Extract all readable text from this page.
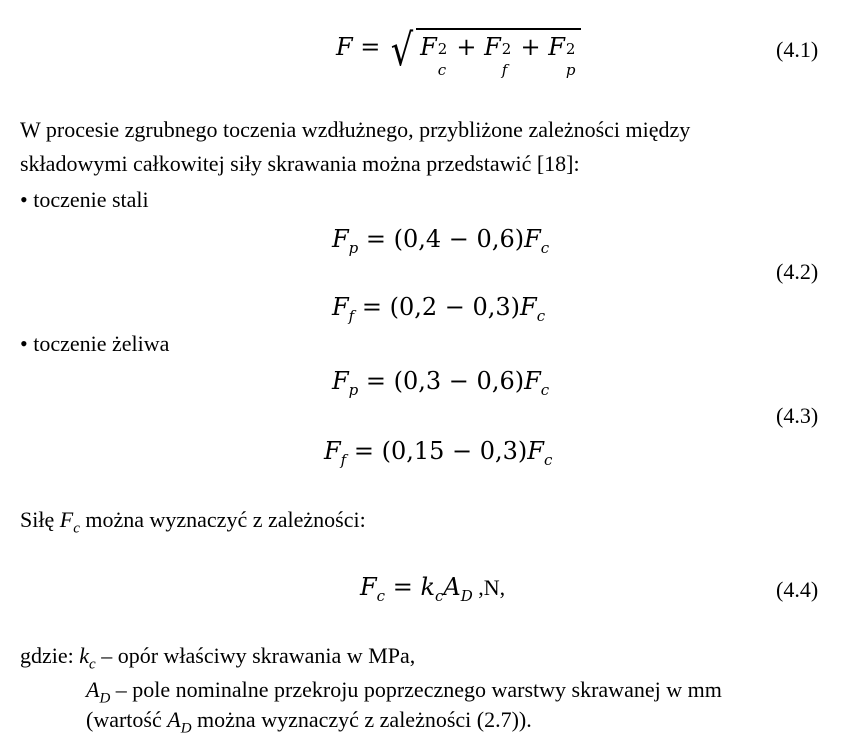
F = √ F 2
c
+ F 2
f
+ F 2
p
(4.1)
W procesie zgrubnego toczenia wzdłużnego, przybliżone zależności między
składowymi całkowitej siły skrawania można przedstawić [18]:
• toczenie stali
$F_p = (0,4 - 0,6)F_c$
(4.2)
$F_f = (0,2 - 0,3)F_c$
• toczenie żeliwa
$F_p = (0,3 - 0,6)F_c$
(4.3)
$F_f = (0,15 - 0,3)F_c$
Siłę $F_c$ można wyznaczyć z zależności:
$F_c = k_cA_D$ ,N,	(4.4)
gdzie: $k_c$ – opór właściwy skrawania w MPa,
$A_D$ – pole nominalne przekroju poprzecznego warstwy skrawanej w mm
(wartość $A_D$ można wyznaczyć z zależności (2.7)).
